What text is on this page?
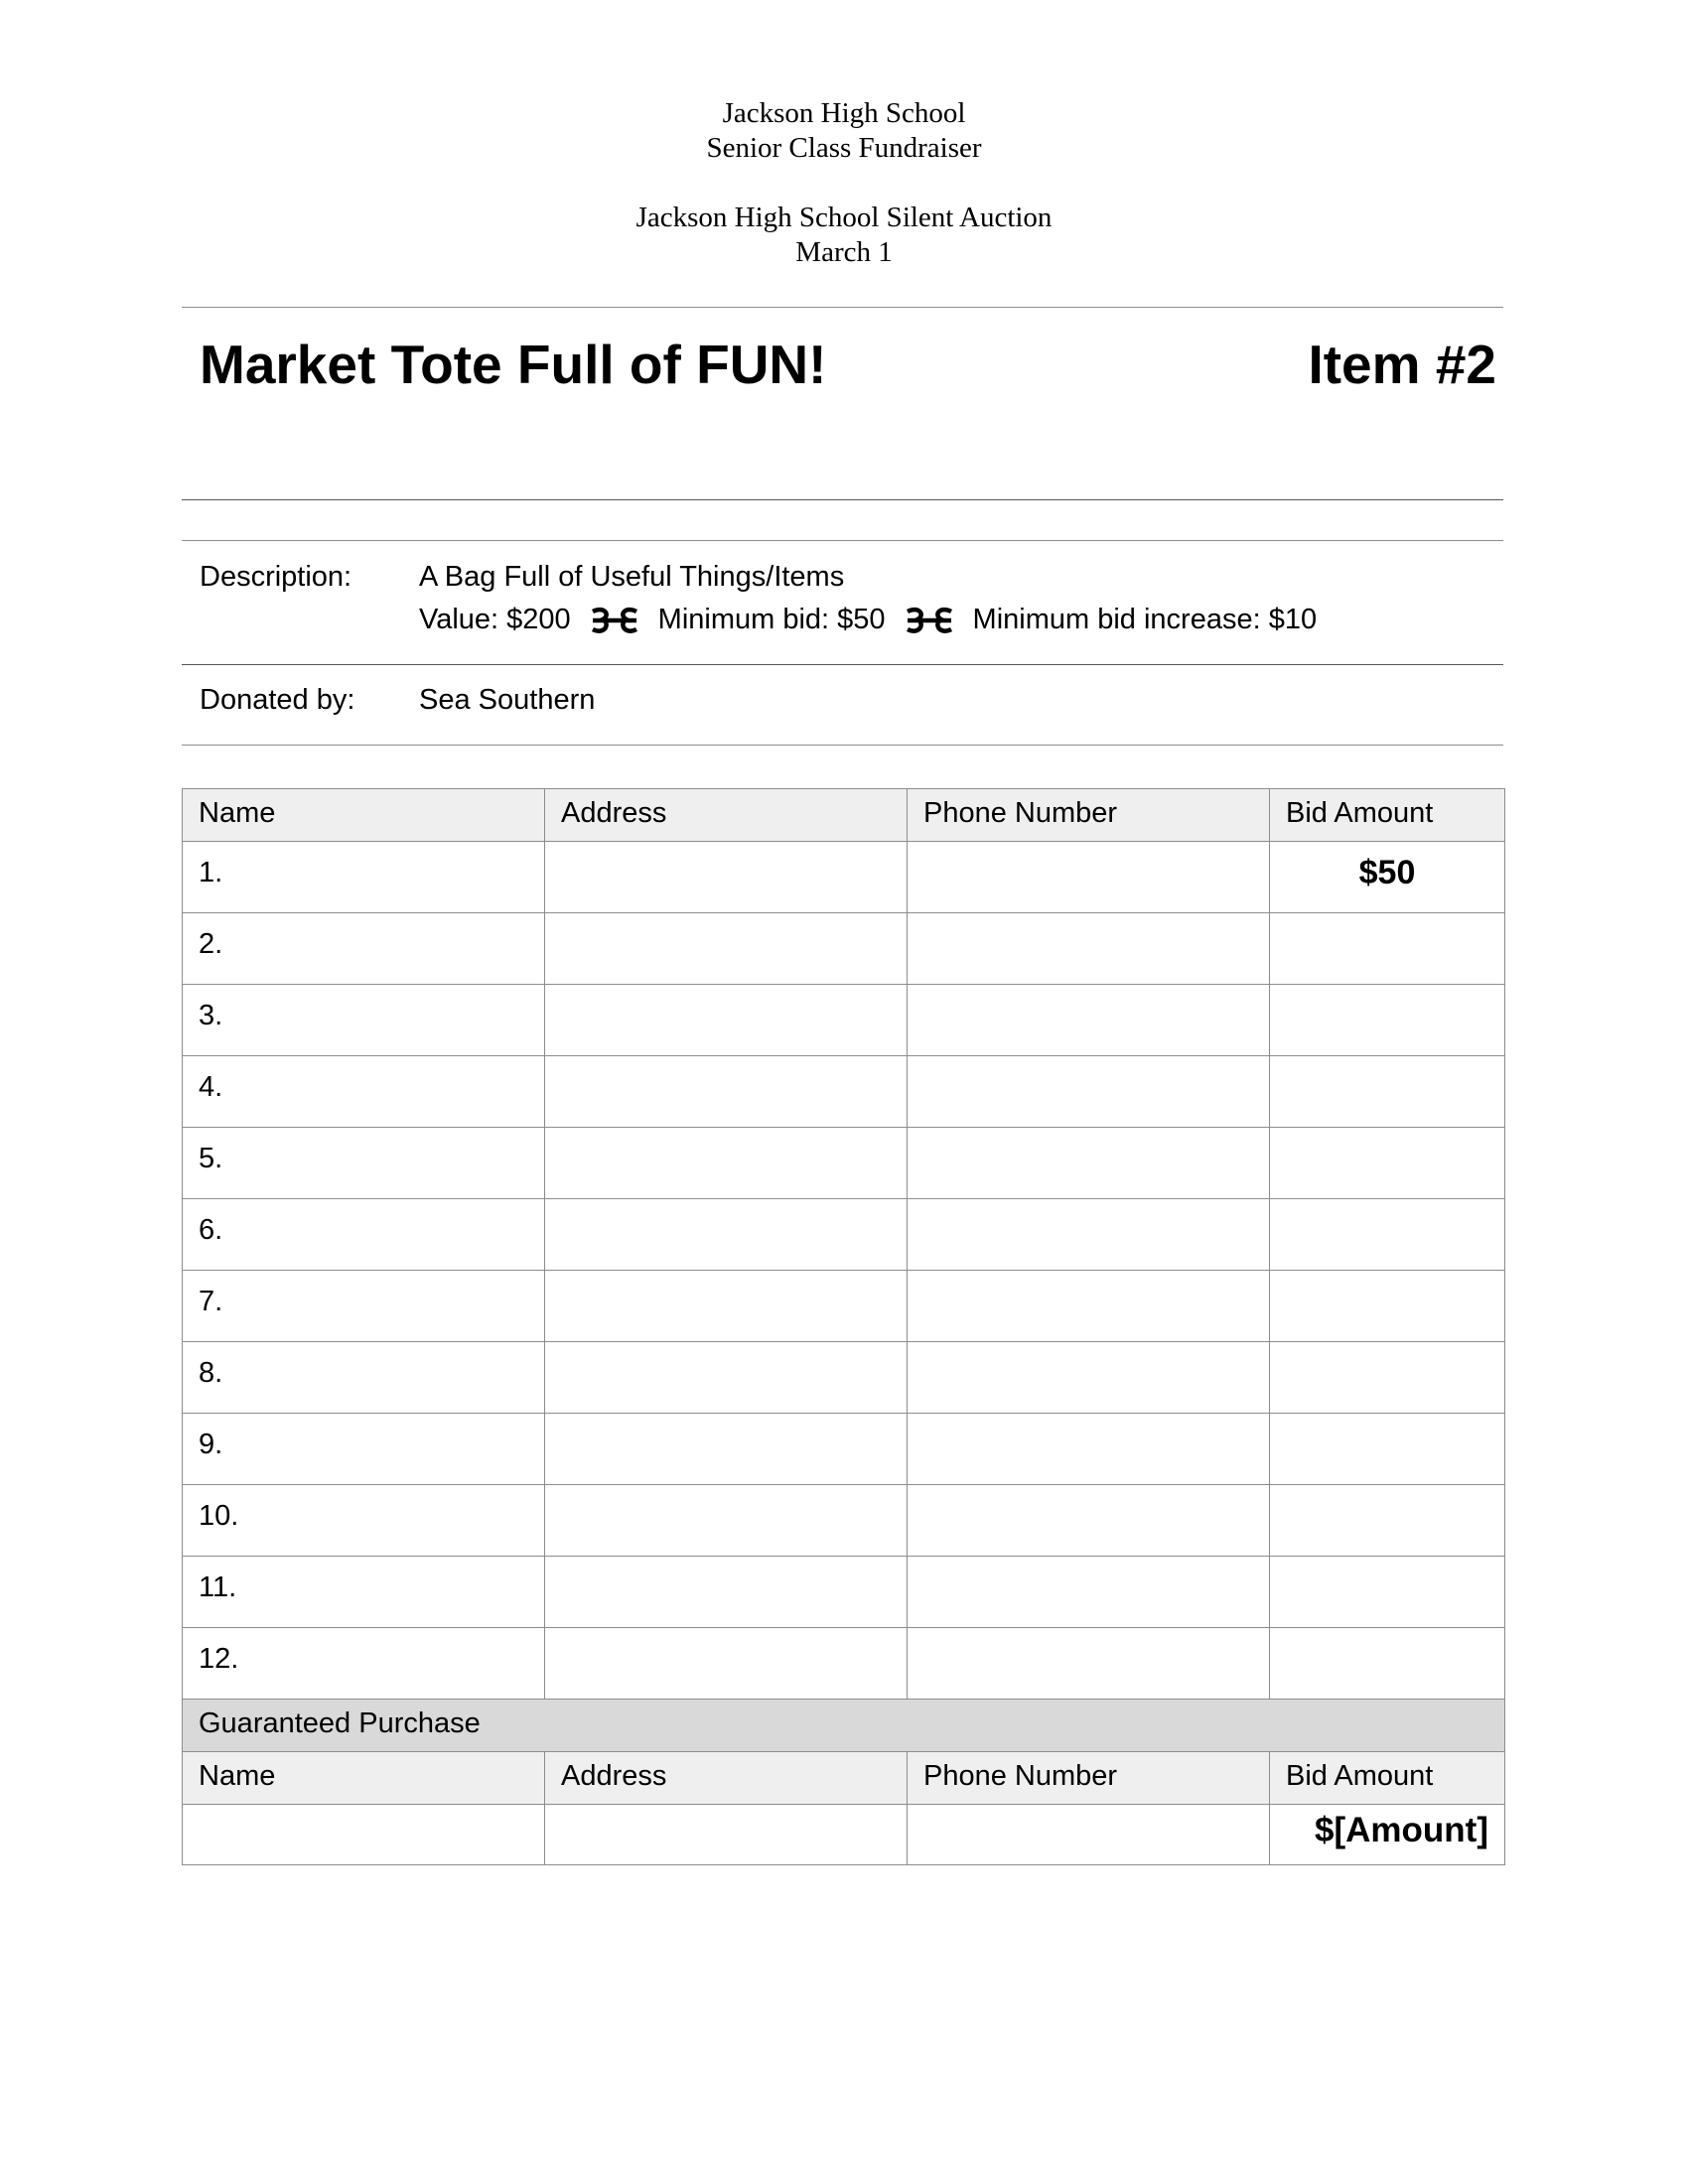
Jackson High School
Senior Class Fundraiser
Jackson High School Silent Auction
March 1
Market Tote Full of FUN!	Item #2
Description: A Bag Full of Useful Things/Items
Value: $200	Minimum bid: $50	Minimum bid increase: $10
Donated by: Sea Southern
Name	Address	Phone Number	Bid Amount
1.			$50
2.			
3.			
4.			
5.			
6.			
7.			
8.			
9.			
10.			
11.			
12.			
Guaranteed Purchase			
Name	Address	Phone Number	Bid Amount
			$[Amount]
